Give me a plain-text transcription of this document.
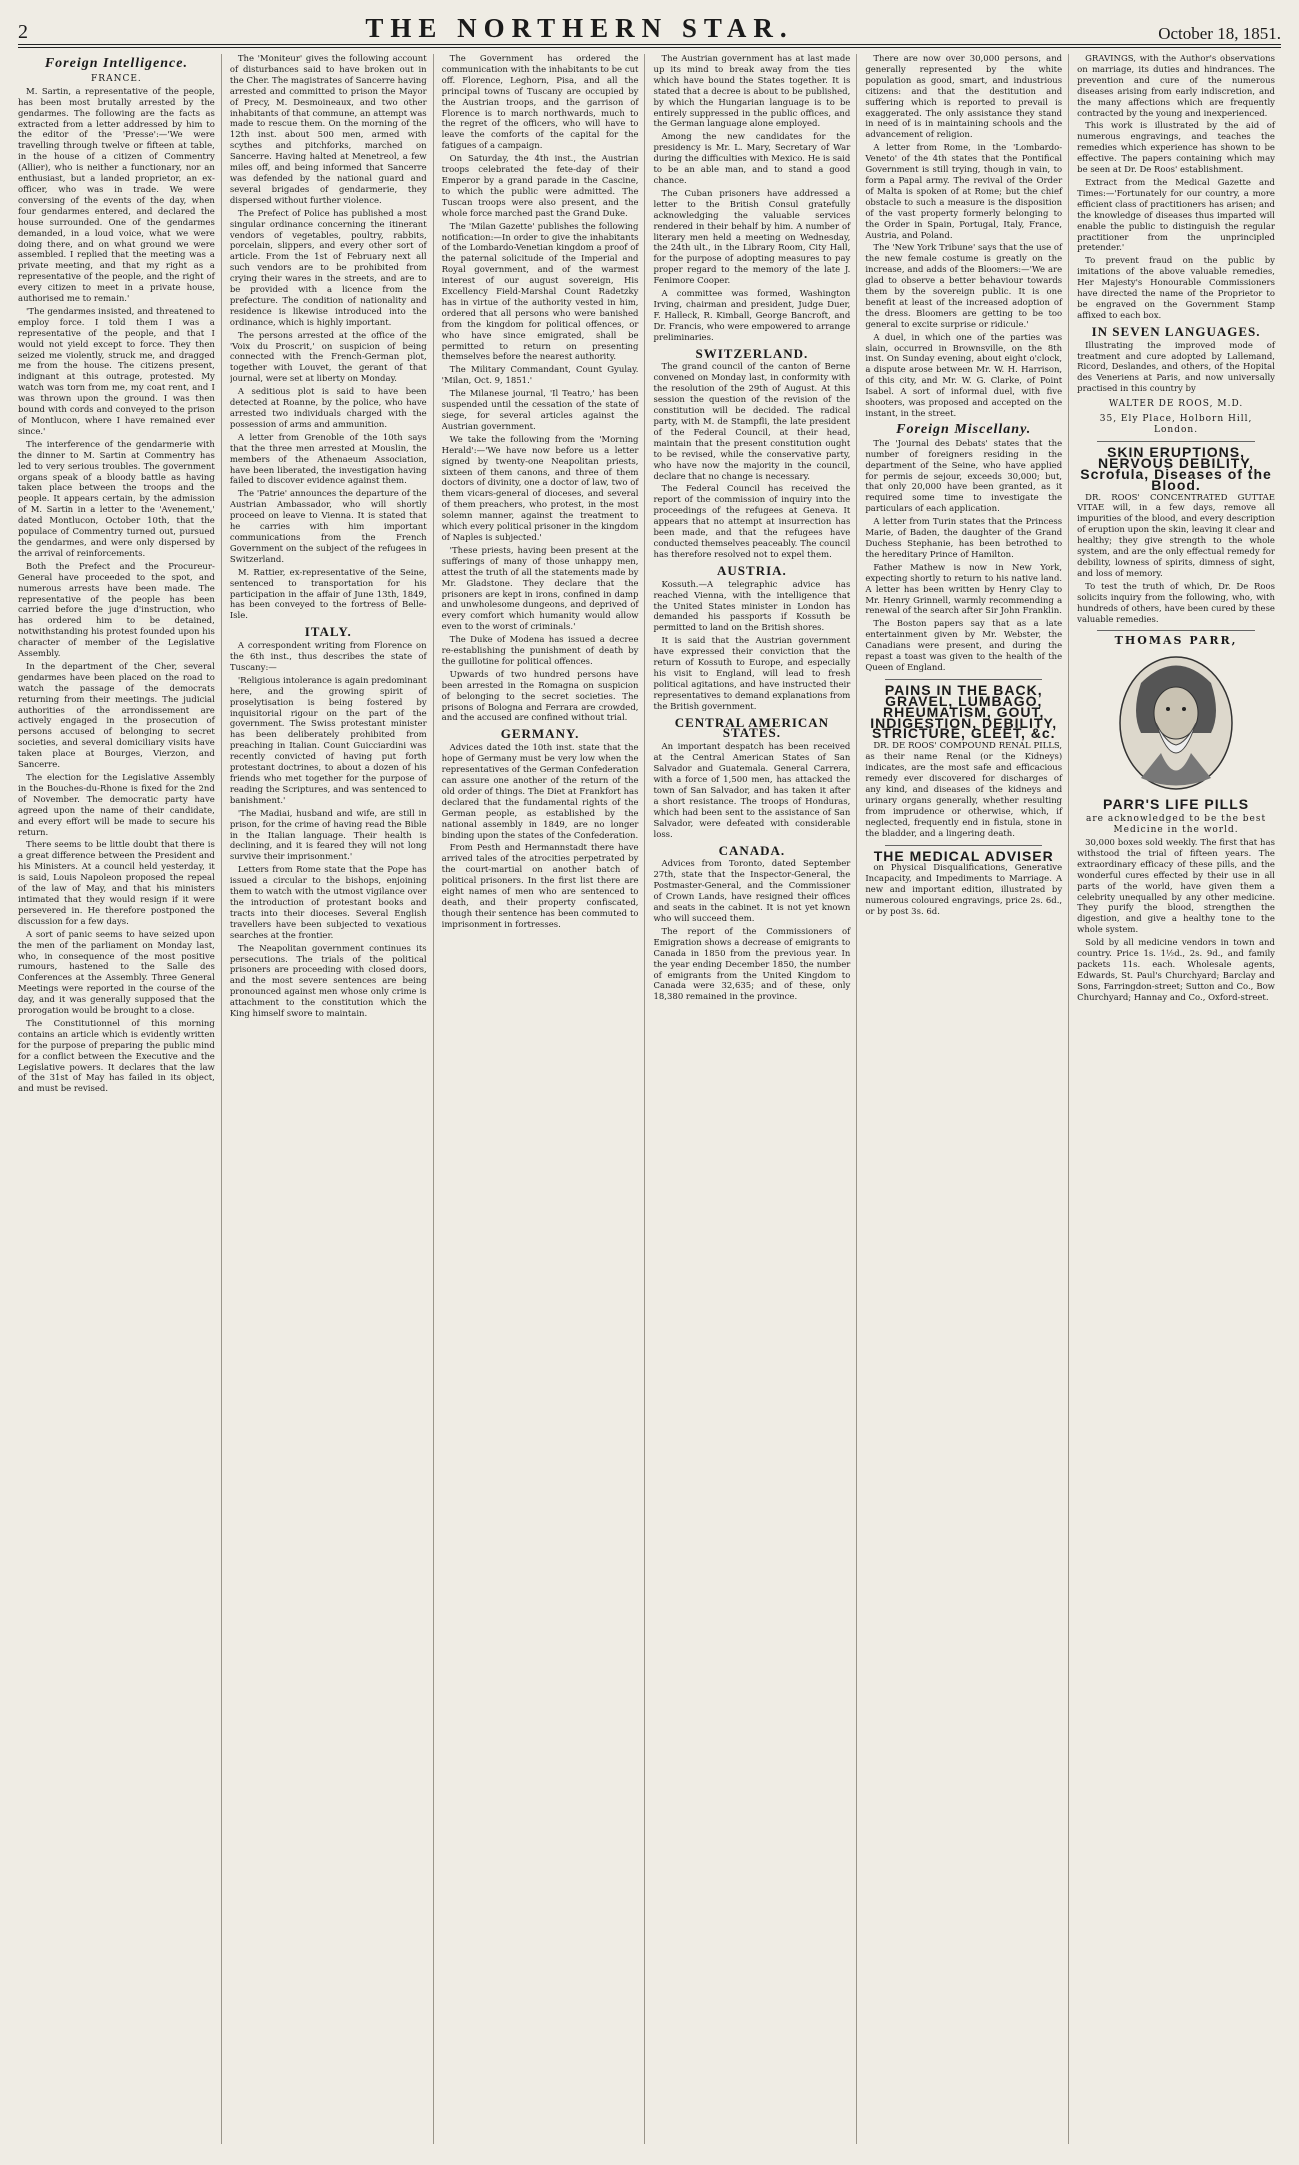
2	THE NORTHERN STAR.	October 18, 1851.
Foreign Intelligence.
FRANCE.

M. Sartin, a representative of the people, has been most brutally arrested by the gendarmes. The following are the facts as extracted from a letter addressed by him to the editor of the 'Presse':—'We were travelling through twelve or fifteen at table, in the house of a citizen of Commentry (Allier), who is neither a functionary, nor an enthusiast, but a landed proprietor, an ex-officer, who was in trade. We were conversing of the events of the day, when four gendarmes entered, and declared the house surrounded. One of the gendarmes demanded, in a loud voice, what we were doing there, and on what ground we were assembled. I replied that the meeting was a private meeting, and that my right as a representative of the people, and the right of every citizen to meet in a private house, authorised me to remain.'

'The gendarmes insisted, and threatened to employ force. I told them I was a representative of the people, and that I would not yield except to force. They then seized me violently, struck me, and dragged me from the house. The citizens present, indignant at this outrage, protested. My watch was torn from me, my coat rent, and I was thrown upon the ground. I was then bound with cords and conveyed to the prison of Montlucon, where I have remained ever since.'

The interference of the gendarmerie with the dinner to M. Sartin at Commentry has led to very serious troubles. The government organs speak of a bloody battle as having taken place between the troops and the people. It appears certain, by the admission of M. Sartin in a letter to the 'Avenement,' dated Montlucon, October 10th, that the populace of Commentry turned out, pursued the gendarmes, and were only dispersed by the arrival of reinforcements.

Both the Prefect and the Procureur-General have proceeded to the spot, and numerous arrests have been made. The representative of the people has been carried before the juge d'instruction, who has ordered him to be detained, notwithstanding his protest founded upon his character of member of the Legislative Assembly.

In the department of the Cher, several gendarmes have been placed on the road to watch the passage of the democrats returning from their meetings. The judicial authorities of the arrondissement are actively engaged in the prosecution of persons accused of belonging to secret societies, and several domiciliary visits have taken place at Bourges, Vierzon, and Sancerre.

The election for the Legislative Assembly in the Bouches-du-Rhone is fixed for the 2nd of November. The democratic party have agreed upon the name of their candidate, and every effort will be made to secure his return.

There seems to be little doubt that there is a great difference between the President and his Ministers. At a council held yesterday, it is said, Louis Napoleon proposed the repeal of the law of May, and that his ministers intimated that they would resign if it were persevered in. He therefore postponed the discussion for a few days.

A sort of panic seems to have seized upon the men of the parliament on Monday last, who, in consequence of the most positive rumours, hastened to the Salle des Conferences at the Assembly. Three General Meetings were reported in the course of the day, and it was generally supposed that the prorogation would be brought to a close.

The Constitutionnel of this morning contains an article which is evidently written for the purpose of preparing the public mind for a conflict between the Executive and the Legislative powers. It declares that the law of the 31st of May has failed in its object, and must be revised.

The 'Moniteur' gives the following account of disturbances said to have broken out in the Cher. The magistrates of Sancerre having arrested and committed to prison the Mayor of Precy, M. Desmoineaux, and two other inhabitants of that commune, an attempt was made to rescue them. On the morning of the 12th inst. about 500 men, armed with scythes and pitchforks, marched on Sancerre. Having halted at Menetreol, a few miles off, and being informed that Sancerre was defended by the national guard and several brigades of gendarmerie, they dispersed without further violence.

The Prefect of Police has published a most singular ordinance concerning the itinerant vendors of vegetables, poultry, rabbits, porcelain, slippers, and every other sort of article. From the 1st of February next all such vendors are to be prohibited from crying their wares in the streets, and are to be provided with a licence from the prefecture. The condition of nationality and residence is likewise introduced into the ordinance, which is highly important.

The persons arrested at the office of the 'Voix du Proscrit,' on suspicion of being connected with the French-German plot, together with Louvet, the gerant of that journal, were set at liberty on Monday.

A seditious plot is said to have been detected at Roanne, by the police, who have arrested two individuals charged with the possession of arms and ammunition.

A letter from Grenoble of the 10th says that the three men arrested at Mouslin, the members of the Athenaeum Association, have been liberated, the investigation having failed to discover evidence against them.

The 'Patrie' announces the departure of the Austrian Ambassador, who will shortly proceed on leave to Vienna. It is stated that he carries with him important communications from the French Government on the subject of the refugees in Switzerland.

M. Rattier, ex-representative of the Seine, sentenced to transportation for his participation in the affair of June 13th, 1849, has been conveyed to the fortress of Belle-Isle.

ITALY.

A correspondent writing from Florence on the 6th inst., thus describes the state of Tuscany:—

'Religious intolerance is again predominant here, and the growing spirit of proselytisation is being fostered by inquisitorial rigour on the part of the government. The Swiss protestant minister has been deliberately prohibited from preaching in Italian. Count Guicciardini was recently convicted of having put forth protestant doctrines, to about a dozen of his friends who met together for the purpose of reading the Scriptures, and was sentenced to banishment.'

'The Madiai, husband and wife, are still in prison, for the crime of having read the Bible in the Italian language. Their health is declining, and it is feared they will not long survive their imprisonment.'

Letters from Rome state that the Pope has issued a circular to the bishops, enjoining them to watch with the utmost vigilance over the introduction of protestant books and tracts into their dioceses. Several English travellers have been subjected to vexatious searches at the frontier.

The Neapolitan government continues its persecutions. The trials of the political prisoners are proceeding with closed doors, and the most severe sentences are being pronounced against men whose only crime is attachment to the constitution which the King himself swore to maintain.

The Government has ordered the communication with the inhabitants to be cut off. Florence, Leghorn, Pisa, and all the principal towns of Tuscany are occupied by the Austrian troops, and the garrison of Florence is to march northwards, much to the regret of the officers, who will have to leave the comforts of the capital for the fatigues of a campaign.

On Saturday, the 4th inst., the Austrian troops celebrated the fete-day of their Emperor by a grand parade in the Cascine, to which the public were admitted. The Tuscan troops were also present, and the whole force marched past the Grand Duke.

The 'Milan Gazette' publishes the following notification:—In order to give the inhabitants of the Lombardo-Venetian kingdom a proof of the paternal solicitude of the Imperial and Royal government, and of the warmest interest of our august sovereign, His Excellency Field-Marshal Count Radetzky has in virtue of the authority vested in him, ordered that all persons who were banished from the kingdom for political offences, or who have since emigrated, shall be permitted to return on presenting themselves before the nearest authority.

The Military Commandant, Count Gyulay. 'Milan, Oct. 9, 1851.'

The Milanese journal, 'Il Teatro,' has been suspended until the cessation of the state of siege, for several articles against the Austrian government.

We take the following from the 'Morning Herald':—'We have now before us a letter signed by twenty-one Neapolitan priests, sixteen of them canons, and three of them doctors of divinity, one a doctor of law, two of them vicars-general of dioceses, and several of them preachers, who protest, in the most solemn manner, against the treatment to which every political prisoner in the kingdom of Naples is subjected.'

'These priests, having been present at the sufferings of many of those unhappy men, attest the truth of all the statements made by Mr. Gladstone. They declare that the prisoners are kept in irons, confined in damp and unwholesome dungeons, and deprived of every comfort which humanity would allow even to the worst of criminals.'

The Duke of Modena has issued a decree re-establishing the punishment of death by the guillotine for political offences.

Upwards of two hundred persons have been arrested in the Romagna on suspicion of belonging to the secret societies. The prisons of Bologna and Ferrara are crowded, and the accused are confined without trial.

GERMANY.

Advices dated the 10th inst. state that the hope of Germany must be very low when the representatives of the German Confederation can assure one another of the return of the old order of things. The Diet at Frankfort has declared that the fundamental rights of the German people, as established by the national assembly in 1849, are no longer binding upon the states of the Confederation.

From Pesth and Hermannstadt there have arrived tales of the atrocities perpetrated by the court-martial on another batch of political prisoners. In the first list there are eight names of men who are sentenced to death, and their property confiscated, though their sentence has been commuted to imprisonment in fortresses.

The Austrian government has at last made up its mind to break away from the ties which have bound the States together. It is stated that a decree is about to be published, by which the Hungarian language is to be entirely suppressed in the public offices, and the German language alone employed.

Among the new candidates for the presidency is Mr. L. Mary, Secretary of War during the difficulties with Mexico. He is said to be an able man, and to stand a good chance.

The Cuban prisoners have addressed a letter to the British Consul gratefully acknowledging the valuable services rendered in their behalf by him. A number of literary men held a meeting on Wednesday, the 24th ult., in the Library Room, City Hall, for the purpose of adopting measures to pay proper regard to the memory of the late J. Fenimore Cooper.

A committee was formed, Washington Irving, chairman and president, Judge Duer, F. Halleck, R. Kimball, George Bancroft, and Dr. Francis, who were empowered to arrange preliminaries.

SWITZERLAND.

The grand council of the canton of Berne convened on Monday last, in conformity with the resolution of the 29th of August. At this session the question of the revision of the constitution will be decided. The radical party, with M. de Stampfli, the late president of the Federal Council, at their head, maintain that the present constitution ought to be revised, while the conservative party, who have now the majority in the council, declare that no change is necessary.

The Federal Council has received the report of the commission of inquiry into the proceedings of the refugees at Geneva. It appears that no attempt at insurrection has been made, and that the refugees have conducted themselves peaceably. The council has therefore resolved not to expel them.

AUSTRIA.

Kossuth.—A telegraphic advice has reached Vienna, with the intelligence that the United States minister in London has demanded his passports if Kossuth be permitted to land on the British shores.

It is said that the Austrian government have expressed their conviction that the return of Kossuth to Europe, and especially his visit to England, will lead to fresh political agitations, and have instructed their representatives to demand explanations from the British government.

CENTRAL AMERICAN STATES.

An important despatch has been received at the Central American States of San Salvador and Guatemala. General Carrera, with a force of 1,500 men, has attacked the town of San Salvador, and has taken it after a short resistance. The troops of Honduras, which had been sent to the assistance of San Salvador, were defeated with considerable loss.

CANADA.

Advices from Toronto, dated September 27th, state that the Inspector-General, the Postmaster-General, and the Commissioner of Crown Lands, have resigned their offices and seats in the cabinet. It is not yet known who will succeed them.

The report of the Commissioners of Emigration shows a decrease of emigrants to Canada in 1850 from the previous year. In the year ending December 1850, the number of emigrants from the United Kingdom to Canada were 32,635; and of these, only 18,380 remained in the province.

There are now over 30,000 persons, and generally represented by the white population as good, smart, and industrious citizens: and that the destitution and suffering which is reported to prevail is exaggerated. The only assistance they stand in need of is in maintaining schools and the advancement of religion.

A letter from Rome, in the 'Lombardo-Veneto' of the 4th states that the Pontifical Government is still trying, though in vain, to form a Papal army. The revival of the Order of Malta is spoken of at Rome; but the chief obstacle to such a measure is the disposition of the vast property formerly belonging to the Order in Spain, Portugal, Italy, France, Austria, and Poland.

The 'New York Tribune' says that the use of the new female costume is greatly on the increase, and adds of the Bloomers:—'We are glad to observe a better behaviour towards them by the sovereign public. It is one benefit at least of the increased adoption of the dress. Bloomers are getting to be too general to excite surprise or ridicule.'

A duel, in which one of the parties was slain, occurred in Brownsville, on the 8th inst. On Sunday evening, about eight o'clock, a dispute arose between Mr. W. H. Harrison, of this city, and Mr. W. G. Clarke, of Point Isabel. A sort of informal duel, with five shooters, was proposed and accepted on the instant, in the street.

Foreign Miscellany.

The 'Journal des Debats' states that the number of foreigners residing in the department of the Seine, who have applied for permis de sejour, exceeds 30,000; but, that only 20,000 have been granted, as it required some time to investigate the particulars of each application.

A letter from Turin states that the Princess Marie, of Baden, the daughter of the Grand Duchess Stephanie, has been betrothed to the hereditary Prince of Hamilton.

Father Mathew is now in New York, expecting shortly to return to his native land. A letter has been written by Henry Clay to Mr. Henry Grinnell, warmly recommending a renewal of the search after Sir John Franklin.

The Boston papers say that as a late entertainment given by Mr. Webster, the Canadians were present, and during the repast a toast was given to the health of the Queen of England.

PAINS IN THE BACK, GRAVEL, LUMBAGO, RHEUMATISM, GOUT, INDIGESTION, DEBILITY, STRICTURE, GLEET, &c.

DR. DE ROOS' COMPOUND RENAL PILLS, as their name Renal (or the Kidneys) indicates, are the most safe and efficacious remedy ever discovered for discharges of any kind, and diseases of the kidneys and urinary organs generally, whether resulting from imprudence or otherwise, which, if neglected, frequently end in fistula, stone in the bladder, and a lingering death.

THE MEDICAL ADVISER

on Physical Disqualifications, Generative Incapacity, and Impediments to Marriage. A new and important edition, illustrated by numerous coloured engravings, price 2s. 6d., or by post 3s. 6d.

GRAVINGS, with the Author's observations on marriage, its duties and hindrances. The prevention and cure of the numerous diseases arising from early indiscretion, and the many affections which are frequently contracted by the young and inexperienced.

This work is illustrated by the aid of numerous engravings, and teaches the remedies which experience has shown to be effective. The papers containing which may be seen at Dr. De Roos' establishment.

Extract from the Medical Gazette and Times:—'Fortunately for our country, a more efficient class of practitioners has arisen; and the knowledge of diseases thus imparted will enable the public to distinguish the regular practitioner from the unprincipled pretender.'

To prevent fraud on the public by imitations of the above valuable remedies, Her Majesty's Honourable Commissioners have directed the name of the Proprietor to be engraved on the Government Stamp affixed to each box.

IN SEVEN LANGUAGES.

Illustrating the improved mode of treatment and cure adopted by Lallemand, Ricord, Deslandes, and others, of the Hopital des Veneriens at Paris, and now universally practised in this country by

WALTER DE ROOS, M.D.
35, Ely Place, Holborn Hill, London.
SKIN ERUPTIONS, NERVOUS DEBILITY, Scrofula, Diseases of the Blood.

DR. ROOS' CONCENTRATED GUTTAE VITAE will, in a few days, remove all impurities of the blood, and every description of eruption upon the skin, leaving it clear and healthy; they give strength to the whole system, and are the only effectual remedy for debility, lowness of spirits, dimness of sight, and loss of memory.

To test the truth of which, Dr. De Roos solicits inquiry from the following, who, with hundreds of others, have been cured by these valuable remedies.

THOMAS PARR,
PARR'S LIFE PILLS
are acknowledged to be the best Medicine in the world.

30,000 boxes sold weekly. The first that has withstood the trial of fifteen years. The extraordinary efficacy of these pills, and the wonderful cures effected by their use in all parts of the world, have given them a celebrity unequalled by any other medicine. They purify the blood, strengthen the digestion, and give a healthy tone to the whole system.

Sold by all medicine vendors in town and country. Price 1s. 1½d., 2s. 9d., and family packets 11s. each. Wholesale agents, Edwards, St. Paul's Churchyard; Barclay and Sons, Farringdon-street; Sutton and Co., Bow Churchyard; Hannay and Co., Oxford-street.
